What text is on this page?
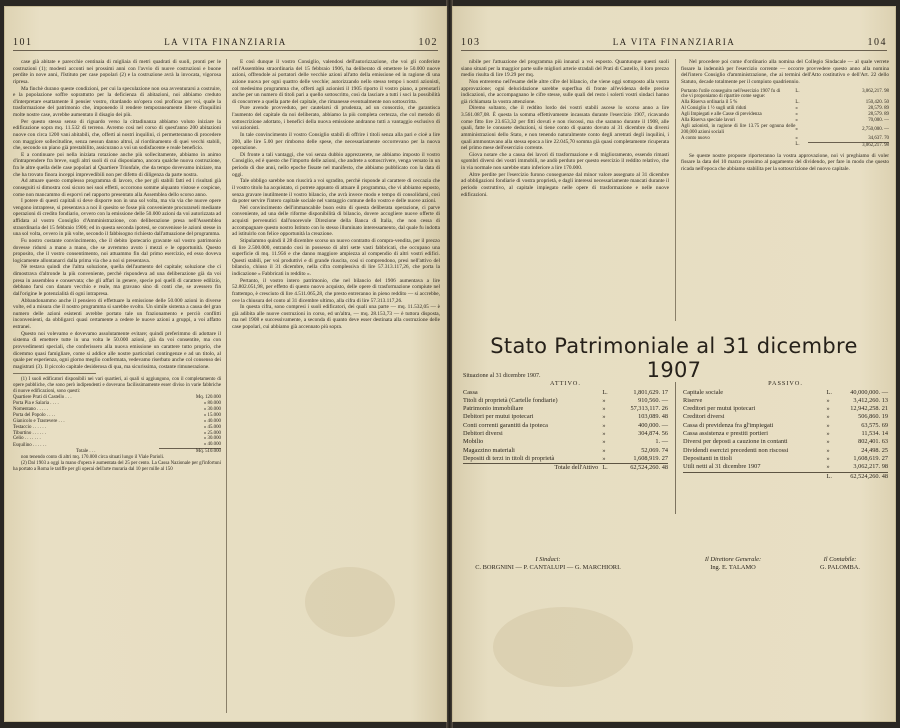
101	LA VITA FINANZIARIA	102

case già abitate e parecchie centinaia di migliaia di metri quadrati di suoli, pronti per le costruzioni (1); modesti acconti nei prossimi anni con l'avvio di nuove costruzioni e buone perdite in nove anni, l'Istituto per case popolari (2) e la costruzione avrà la invocata, vigorosa ripresa.

Ma finchè durano queste condizioni, per cui la speculazione non osa avventurarsi a costruire, e la popolazione soffre soprattutto per la deficienza di abitazioni, noi abbiamo creduto d'interpretare esattamente il pensier vostro, ritardando un'opera così proficua per voi, quale la trasformazione del patrimonio che, imponendo il rendere temporaneamente libere d'inquilini molte nostre case, avrebbe aumentato il disagio dei più.

Per questo stesso senso di riguardo verso la cittadinanza abbiamo voluto iniziare la edificazione sopra mq. 11.532 di terreno. Avremo così nel corso di quest'anno 200 abitazioni nuove con circa 1200 vani abitabili, che, offerti ai nostri inquilini, ci permetteranno di procedere con maggiore sollecitudine, senza nessun danno altrui, al riordinamento di quei vecchi stabili, che, secondo un piano già prestabilito, assicurano a voi un sodisfacente e reale beneficio.

E a continuare poi nella iniziata rotazione anche più sollecitamente, abbiamo in animo d'intraprendere fra breve, sugli altri suoli di cui disponiamo, ancora qualche nuova costruzione, fra le altre quella delle case popolari al Quartiere Trionfale, che da tempo dovevamo iniziare, ma che ha trovato finora inceppi imprevedibili non per difetto di diligenza da parte nostra.

Ad attuare questo complesso programma di lavoro, che per gli stabili fatti ed i risultati già conseguiti si dimostra così sicuro nei suoi effetti, occorrono somme alquanto vistose e cospicue, come non mancammo di esporvi nel rapporto presentato alla Assemblea dello scorso anno.

I potere di questi capitali si deve disporre non in una sol volta, ma via via che nuove opere vengono intraprese, si presentava a noi il quesito se fosse più conveniente procurarseli mediante operazioni di credito fondiario, ovvero con la emissione delle 50.000 azioni da voi autorizzata ad affidata al vostro Consiglio d'Amministrazione, con deliberazione presa nell'Assemblea straordinaria del 15 febbraio 1906; ed in questa seconda ipotesi, se convenisse le azioni stesse in una sol volta, ovvero in più volte, secondo il fabbisogno richiesto dall'attuazione del programma.

Fu nostro costante convincimento, che il debito ipotecario gravante sul vostro patrimonio dovesse ridursi a mano a mano, che se avremmo avuto i mezzi e le opportunità. Questo proposito, che il vostro consentimento, noi attuammo fin dal primo esercizio, ed esso doveva logicamente allontanarci dalla prima via che a noi si presentava.

Nè restava quindi che l'altra soluzione, quella dell'aumento del capitale; soluzione che ci dimostrava d'altronde la più conveniente, perchè rispondeva ad una deliberazione già da voi presa in assemblea e conservata; che gli affari in genere, specie poi quelli di carattere edilizio, debbano farsi con danaro vecchio e reale, ma gravano sino di conti che, se avessero fin dall'origine le potenzialità di ogni intrapresa.

Abbandonammo anche il pensiero di effettuare la emissione delle 50.000 azioni in diverse volte, ed a misura che il nostro programma si sarebbe svolto. Un simile sistema a causa del gran numero delle azioni esistenti avrebbe portato tale un frazionamento e perciò conflitti inconvenienti, da obbligarci quasi certamente a cedere le nuove azioni a gruppi, a voi affatto estranei.

Questo noi volevamo e dovevamo assolutamente evitare; quindi preferimmo di adottare il sistema di emettere tutte in una volta le 50.000 azioni, già da voi consentite, ma con provvedimenti speciali, che conferissero alla nuova emissione un carattere tutto proprio, che dicemmo quasi famigliare, come si addice alle nostre particolari contingenze e ad un titolo, al quale per esperienza, ogni giorno meglio confermata, vedevamo riserbato anche col consenso dei magistrati (3). Il piccolo capitale desiderosa di qua, ma sicurissima, costante rimunerazione.

(1) I suoli edificatori disponibili nei vari quartieri, ai quali si aggiungono, con il completamento di opere pubbliche, che sono però indipendenti e dovevano facilissimamente esser diviso in varie fabbriche di nuove edificazioni, sono questi:

Quartiere Prati di Castello . . .	Mq. 120.000
Porta Pia e Salaria . . . .	» 80.000
Nomentano . . . . .	» 30.000
Porta del Popolo . . . .	» 15.000
Gianicolo e Trastevere . . .	» 40.000
Testaccio . . . . . .	» 45.000
Tiburtino . . . . . .	» 25.000
Celio . . . . . . .	» 30.000
Esquilino . . . . . .	» 40.000
Totale . . .	Mq. 510.000

non tenendo conto di altri mq. 170.000 circa situati lungo il Viale Parioli.

(2) Dal 1903 a oggi la mano d'opera è aumentata del 25 per cento. La Cassa Nazionale per gl'infortuni ha portato a Roma le tariffe per gli operai dell'arte muraria dal 10 per mille al 150

E così dunque il vostro Consiglio, valendosi dell'autorizzazione, che voi gli conferiste nell'Assemblea straordinaria del 15 febbraio 1906, ha deliberato di emettere le 50.000 nuove azioni, offrendole ai portatori delle vecchie azioni all'atto della emissione ed in ragione di una azione nuova per ogni quattro delle vecchie; autorizzando nello stesso tempo i nostri azionisti, col medesimo programma che, offerti agli azionisti il 1905 riporto il vostro piano, a prenotarli anche per un numero di titoli pari a quello sottoscritto, così da lasciare a tutti i soci la possibilità di concorrere a quella parte del capitale, che rimanesse eventualmente non sottoscritta.

Pure avendo provveduto, per cautelarsi di prudenza, ad un consorzio, che garantisca l'aumento del capitale da noi deliberato, abbiamo la più completa certezza, che col metodo di sottoscrizione adottato, i benefici della nuova emissione andranno tutti a vantaggio esclusivo di voi azionisti.

In tale convincimento il vostro Consiglio stabilì di offrire i titoli senza alla pari e cioè a lire 200, alle lire 5.00 per rimborso delle spese, che necessariamente occorrevano per la nuova operazione.

Di fronte a tali vantaggi, che voi senza dubbio apprezzerete, ne abbiamo imposto il vostro Consiglio, ed è questo che l'importo delle azioni, che andrete a sottoscrivere, venga versato in un periodo di due anni, nello epoche fissate nel manifesto, che abbiamo pubblicato con la data di oggi.

Tale obbligo sarebbe non riuscirà a voi sgradito, perchè risponde al carattere di ceccazia che il vostro titolo ha acquistato, ci potrete appunto di attuare il programma, che vi abbiamo esposto, senza gravare inutilmente il vostro bilancio, che avrà invece modo e tempo di consolidarsi, così da poter servire l'intero capitale sociale nel vantaggio comune dello vostro e delle nuove azioni.

Nel convincimento dell'immancabile buon esito di questa deliberata operazione, ci parve conveniente, ad una delle riforme disponibilità di bilancio, dovere accogliere nuove offerte di acquisti pervenutici dall'onorevole Direzione della Banca di Italia, che non cessa di accompagnare questo nostro Istituto con lo stesso illuminato interessamento, dal quale fu indotta ad istituirlo con felice opportunità la creazione.

Stipulammo quindi il 28 dicembre scorso un nuovo contratto di compra-vendita, per il prezzo di lire 2.500.000, entrando così in possesso di altri sette vasti fabbricati, che occupano una superficie di mq. 11.956 e che danno maggiore ampiezza al compendio di altri vostri edifici. Questi stabili, per voi produttivi e di grande riuscita, così si comprendono, presi nell'attivo del bilancio, chiuso il 31 dicembre, nella cifra complessiva di lire 57.313.117,26, che porta la indicazione « Fabbricati in reddito ».

Pertanto, il vostro intero patrimonio, che nel bilancio del 1906 aumentava a lire 52.802.051,98, per effetto di questo nuovo acquisto, delle opere di trasformazione compiute nel frattempo, è cresciuto di lire 4.511.065,28, che presto entreranno in pieno reddito — si accrebbe, ove la chiusura del conto al 31 dicembre ultimo, alla cifra di lire 57.313.117,26.

In questa cifra, sono compresi i suoli edificatori, dei quali una parte — mq. 11.532,05 — è già adibita alle nuove costruzioni in corso, ed un'altra, — mq. 28.153,73 — è tuttora disposta, ma nel 1908 e successivamente, a seconda di quanto deve esser destinata alla costruzione delle case popolari, cui abbiamo già accennato più sopra.

103	LA VITA FINANZIARIA	104

nibile per l'attuazione del programma più innanzi a voi esposto. Quantunque questi suoli siano situati per la maggior parte sulle migliori arterie stradali del Prati di Castello, il loro prezzo medio risulta di lire 19.29 per mq.

Non entreremo nell'esame delle altre cifre del bilancio, che viene oggi sottoposto alla vostra approvazione; ogni delucidazione sarebbe superflua di fronte all'evidenza delle precise indicazioni, che accompagnano le cifre stesse, sulle quali del resto i solerti vostri sindaci hanno già richiamata la vostra attenzione.

Diremo soltanto, che il reddito lordo dei vostri stabili ascese lo scorso anno a lire 3.561.087,08. È questa la somma effettivamente incassata durante l'esercizio 1907, ricavando come fitto lire 23.653,32 per fitti dovuti e non riscossi, ma che saranno durante il 1908, alle quali, fatte le consuete deduzioni, si tiene conto di quanto dovuto al 31 dicembre da diversi amministrazioni dello Stato, e non tenendo naturalmente conto degli arretrati degli inquilini, i quali ammontavano alla stessa epoca a lire 22.045,70 somma già quasi completamente ricuperata nel primo mese dell'esercizio corrente.

Giova notare che a causa dei lavori di trasformazione e di miglioramento, essendo rimasti sgombri diversi dei vostri immobili, ne andò perduto per questo esercizio il reddito relativo, che in via normale non sarebbe stato inferiore a lire 170.000.

Altre perdite per l'esercizio furono conseguenze dal minor valore assegnato al 31 dicembre ad obbligazioni fondiarie di vostra proprietà, e dagli interessi necessariamente mancati durante il periodo costruttivo, al capitale impiegato nelle opere di trasformazione e nelle nuove edificazioni.

Nel procedere poi come d'ordinario alla nomina del Collegio Sindacale — al quale verrete fissare la indennità per l'esercizio corrente — occorre provvedere questo anno alla nomina dell'intero Consiglio d'amministrazione, che ai termini dell'Atto costitutivo e dell'Art. 22 dello Statuto, decade totalmente per il compiuto quadriennio.

Portanto l'utile conseguito nell'esercizio 1907 fu di	L.	3,062,217. 98
che vi proponiamo di ripartire come segue:		
Alla Riserva ordinaria il 5 %	L.	150,420. 50
Al Consiglio 1 ½ sugli utili riduti	»	28,579. 89
Agli Impiegati e alle Casse di previdenza	»	28,579. 89
Alla Riserva speciale lavori	»	70,000. —
Agli azionisti, in ragione di lire 13.75 per ognuna delle 200,000 azioni sociali	»	2,750,000. —
A conto nuovo	»	34,637. 70
	L.	3,062,217. 98

Se queste nostre proposte riporteranno la vostra approvazione, noi vi preghiamo di voler fissare la data del 10 marzo prossimo al pagamento del dividendo, per fare in modo che questo ricada nell'epoca che abbiamo stabilita per la sottoscrizione del nuovo capitale.

Stato Patrimoniale al 31 dicembre 1907
Situazione al 31 dicembre 1907.
ATTIVO.
Cassa	L.	1,801,629. 17
Titoli di proprietà (Cartelle fondiarie)	»	910,560. —
Patrimonio immobiliare	»	57,313,117. 26
Debitori per mutui ipotecari	»	103,089. 48
Conti correnti garantiti da ipoteca	»	400,000. —
Debitori diversi	»	304,874. 56
Mobilio	»	1. —
Magazzino materiali	»	52,069. 74
Depositi di terzi in titoli di proprietà	»	1,608,919. 27
Totale dell'Attivo	L.	62,524,260. 48
PASSIVO.
Capitale sociale	L.	40,000,000. —
Riserve	»	3,412,260. 13
Creditori per mutui ipotecari	»	12,942,258. 21
Creditori diversi	»	506,860. 19
Cassa di previdenza fra gl'impiegati	»	63,575. 69
Cassa assistenza e prestiti portieri	»	11,534. 14
Diversi per deposti a cauzione in contanti	»	802,401. 63
Dividendi esercizi precedenti non riscossi	»	24,498. 25
Depositanti in titoli	»	1,608,619. 27
Utili netti al 31 dicembre 1907	»	3,062,217. 98
	L.	62,524,260. 48
I Sindaci:
C. BORGNINI — P. CANTALUPI — G. MARCHIORI.
Il Direttore Generale:
Ing. E. TALAMO
Il Contabile:
G. PALOMBA.
